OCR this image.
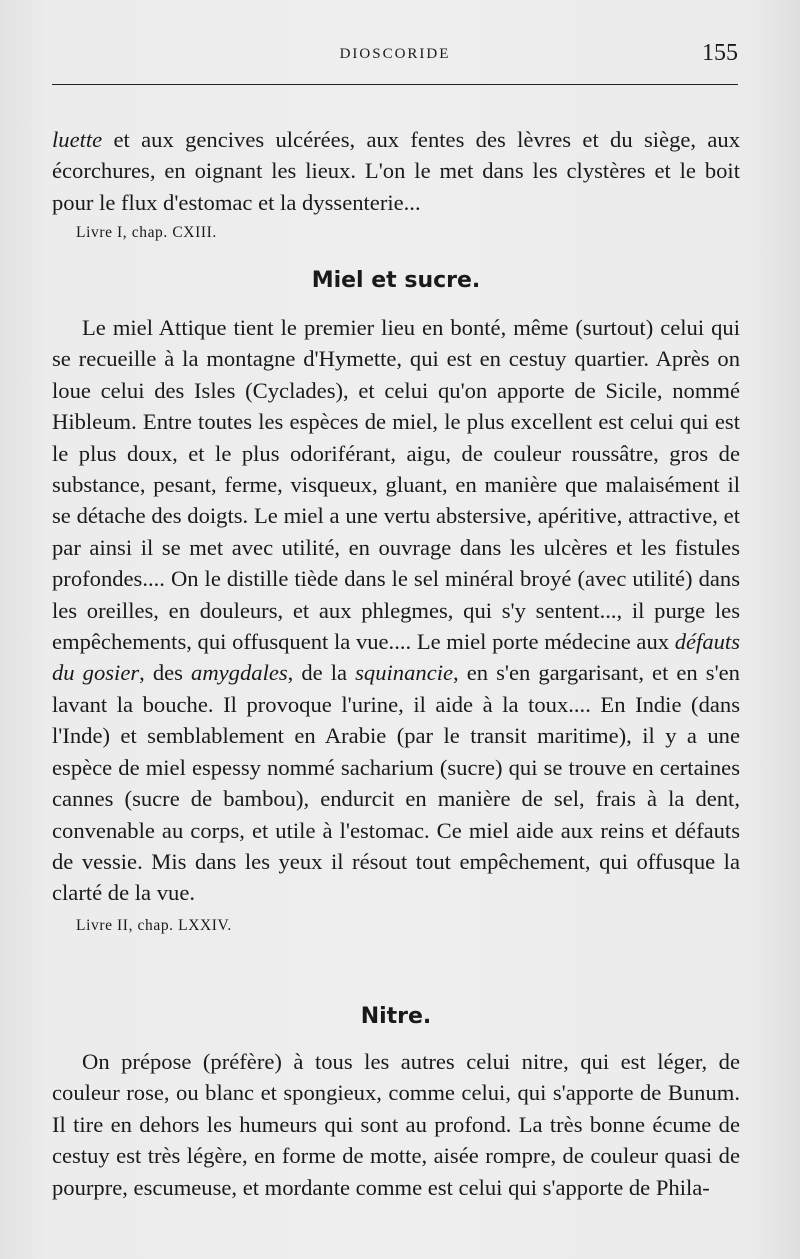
DIOSCORIDE	155

luette et aux gencives ulcérées, aux fentes des lèvres et du siège, aux écorchures, en oignant les lieux. L'on le met dans les clystères et le boit pour le flux d'estomac et la dyssenterie...

Livre I, chap. CXIII.

Miel et sucre.

Le miel Attique tient le premier lieu en bonté, même (surtout) celui qui se recueille à la montagne d'Hymette, qui est en cestuy quartier. Après on loue celui des Isles (Cyclades), et celui qu'on apporte de Sicile, nommé Hibleum. Entre toutes les espèces de miel, le plus excellent est celui qui est le plus doux, et le plus odoriférant, aigu, de couleur roussâtre, gros de substance, pesant, ferme, visqueux, gluant, en manière que malaisément il se détache des doigts. Le miel a une vertu abstersive, apéritive, attractive, et par ainsi il se met avec utilité, en ouvrage dans les ulcères et les fistules profondes.... On le distille tiède dans le sel minéral broyé (avec utilité) dans les oreilles, en douleurs, et aux phlegmes, qui s'y sentent..., il purge les empêchements, qui offusquent la vue.... Le miel porte médecine aux défauts du gosier, des amygdales, de la squinancie, en s'en gargarisant, et en s'en lavant la bouche. Il provoque l'urine, il aide à la toux.... En Indie (dans l'Inde) et semblablement en Arabie (par le transit maritime), il y a une espèce de miel espessy nommé sacharium (sucre) qui se trouve en certaines cannes (sucre de bambou), endurcit en manière de sel, frais à la dent, convenable au corps, et utile à l'estomac. Ce miel aide aux reins et défauts de vessie. Mis dans les yeux il résout tout empêchement, qui offusque la clarté de la vue.

Livre II, chap. LXXIV.

Nitre.

On prépose (préfère) à tous les autres celui nitre, qui est léger, de couleur rose, ou blanc et spongieux, comme celui, qui s'apporte de Bunum. Il tire en dehors les humeurs qui sont au profond. La très bonne écume de cestuy est très légère, en forme de motte, aisée rompre, de couleur quasi de pourpre, escumeuse, et mordante comme est celui qui s'apporte de Phila-
